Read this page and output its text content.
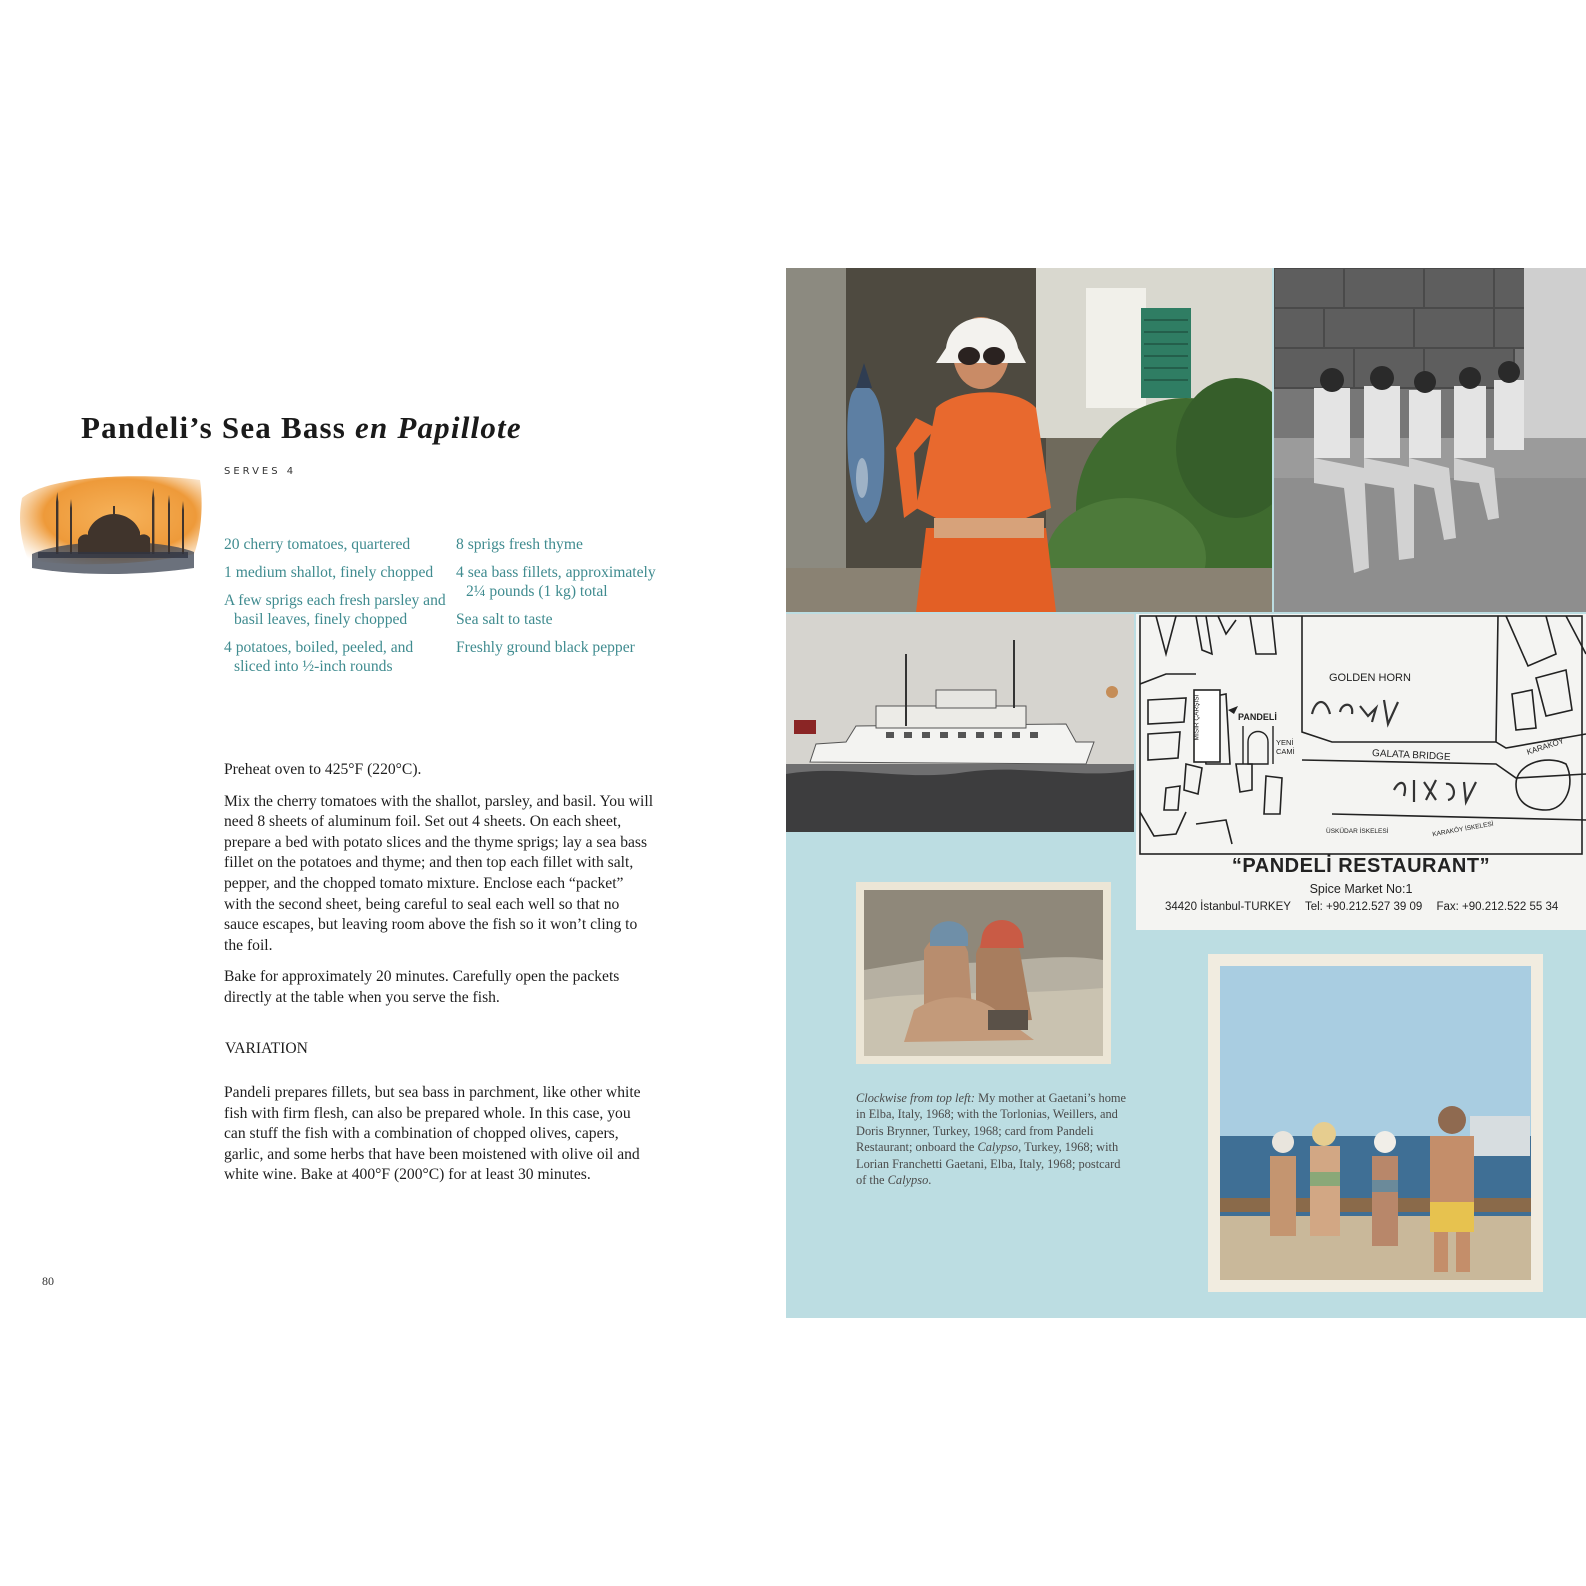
Pandeli’s Sea Bass en Papillote
SERVES 4
20 cherry tomatoes, quartered
1 medium shallot, finely chopped
A few sprigs each fresh parsley and basil leaves, finely chopped
4 potatoes, boiled, peeled, and sliced into ½-inch rounds
8 sprigs fresh thyme
4 sea bass fillets, approximately 2¼ pounds (1 kg) total
Sea salt to taste
Freshly ground black pepper

Preheat oven to 425°F (220°C).

Mix the cherry tomatoes with the shallot, parsley, and basil. You will need 8 sheets of aluminum foil. Set out 4 sheets. On each sheet, prepare a bed with potato slices and the thyme sprigs; lay a sea bass fillet on the potatoes and thyme; and then top each fillet with salt, pepper, and the chopped tomato mixture. Enclose each “packet” with the second sheet, being careful to seal each well so that no sauce escapes, but leaving room above the fish so it won’t cling to the foil.

Bake for approximately 20 minutes. Carefully open the packets directly at the table when you serve the fish.

VARIATION

Pandeli prepares fillets, but sea bass in parchment, like other white fish with firm flesh, can also be prepared whole. In this case, you can stuff the fish with a combination of chopped olives, capers, garlic, and some herbs that have been moistened with olive oil and white wine. Bake at 400°F (200°C) for at least 30 minutes.

80
GOLDEN HORN
PANDELİ
YENİ CAMİ	GALATA BRIDGE	KARAKÖY
ÜSKÜDAR İSKELESİ	KARAKÖY İSKELESİ
MISIR ÇARŞISI
“PANDELİ RESTAURANT”
Spice Market No:1
34420 İstanbul-TURKEY Tel: +90.212.527 39 09 Fax: +90.212.522 55 34
Clockwise from top left: My mother at Gaetani’s home in Elba, Italy, 1968; with the Torlonias, Weillers, and Doris Brynner, Turkey, 1968; card from Pandeli Restaurant; onboard the Calypso, Turkey, 1968; with Lorian Franchetti Gaetani, Elba, Italy, 1968; postcard of the Calypso.
